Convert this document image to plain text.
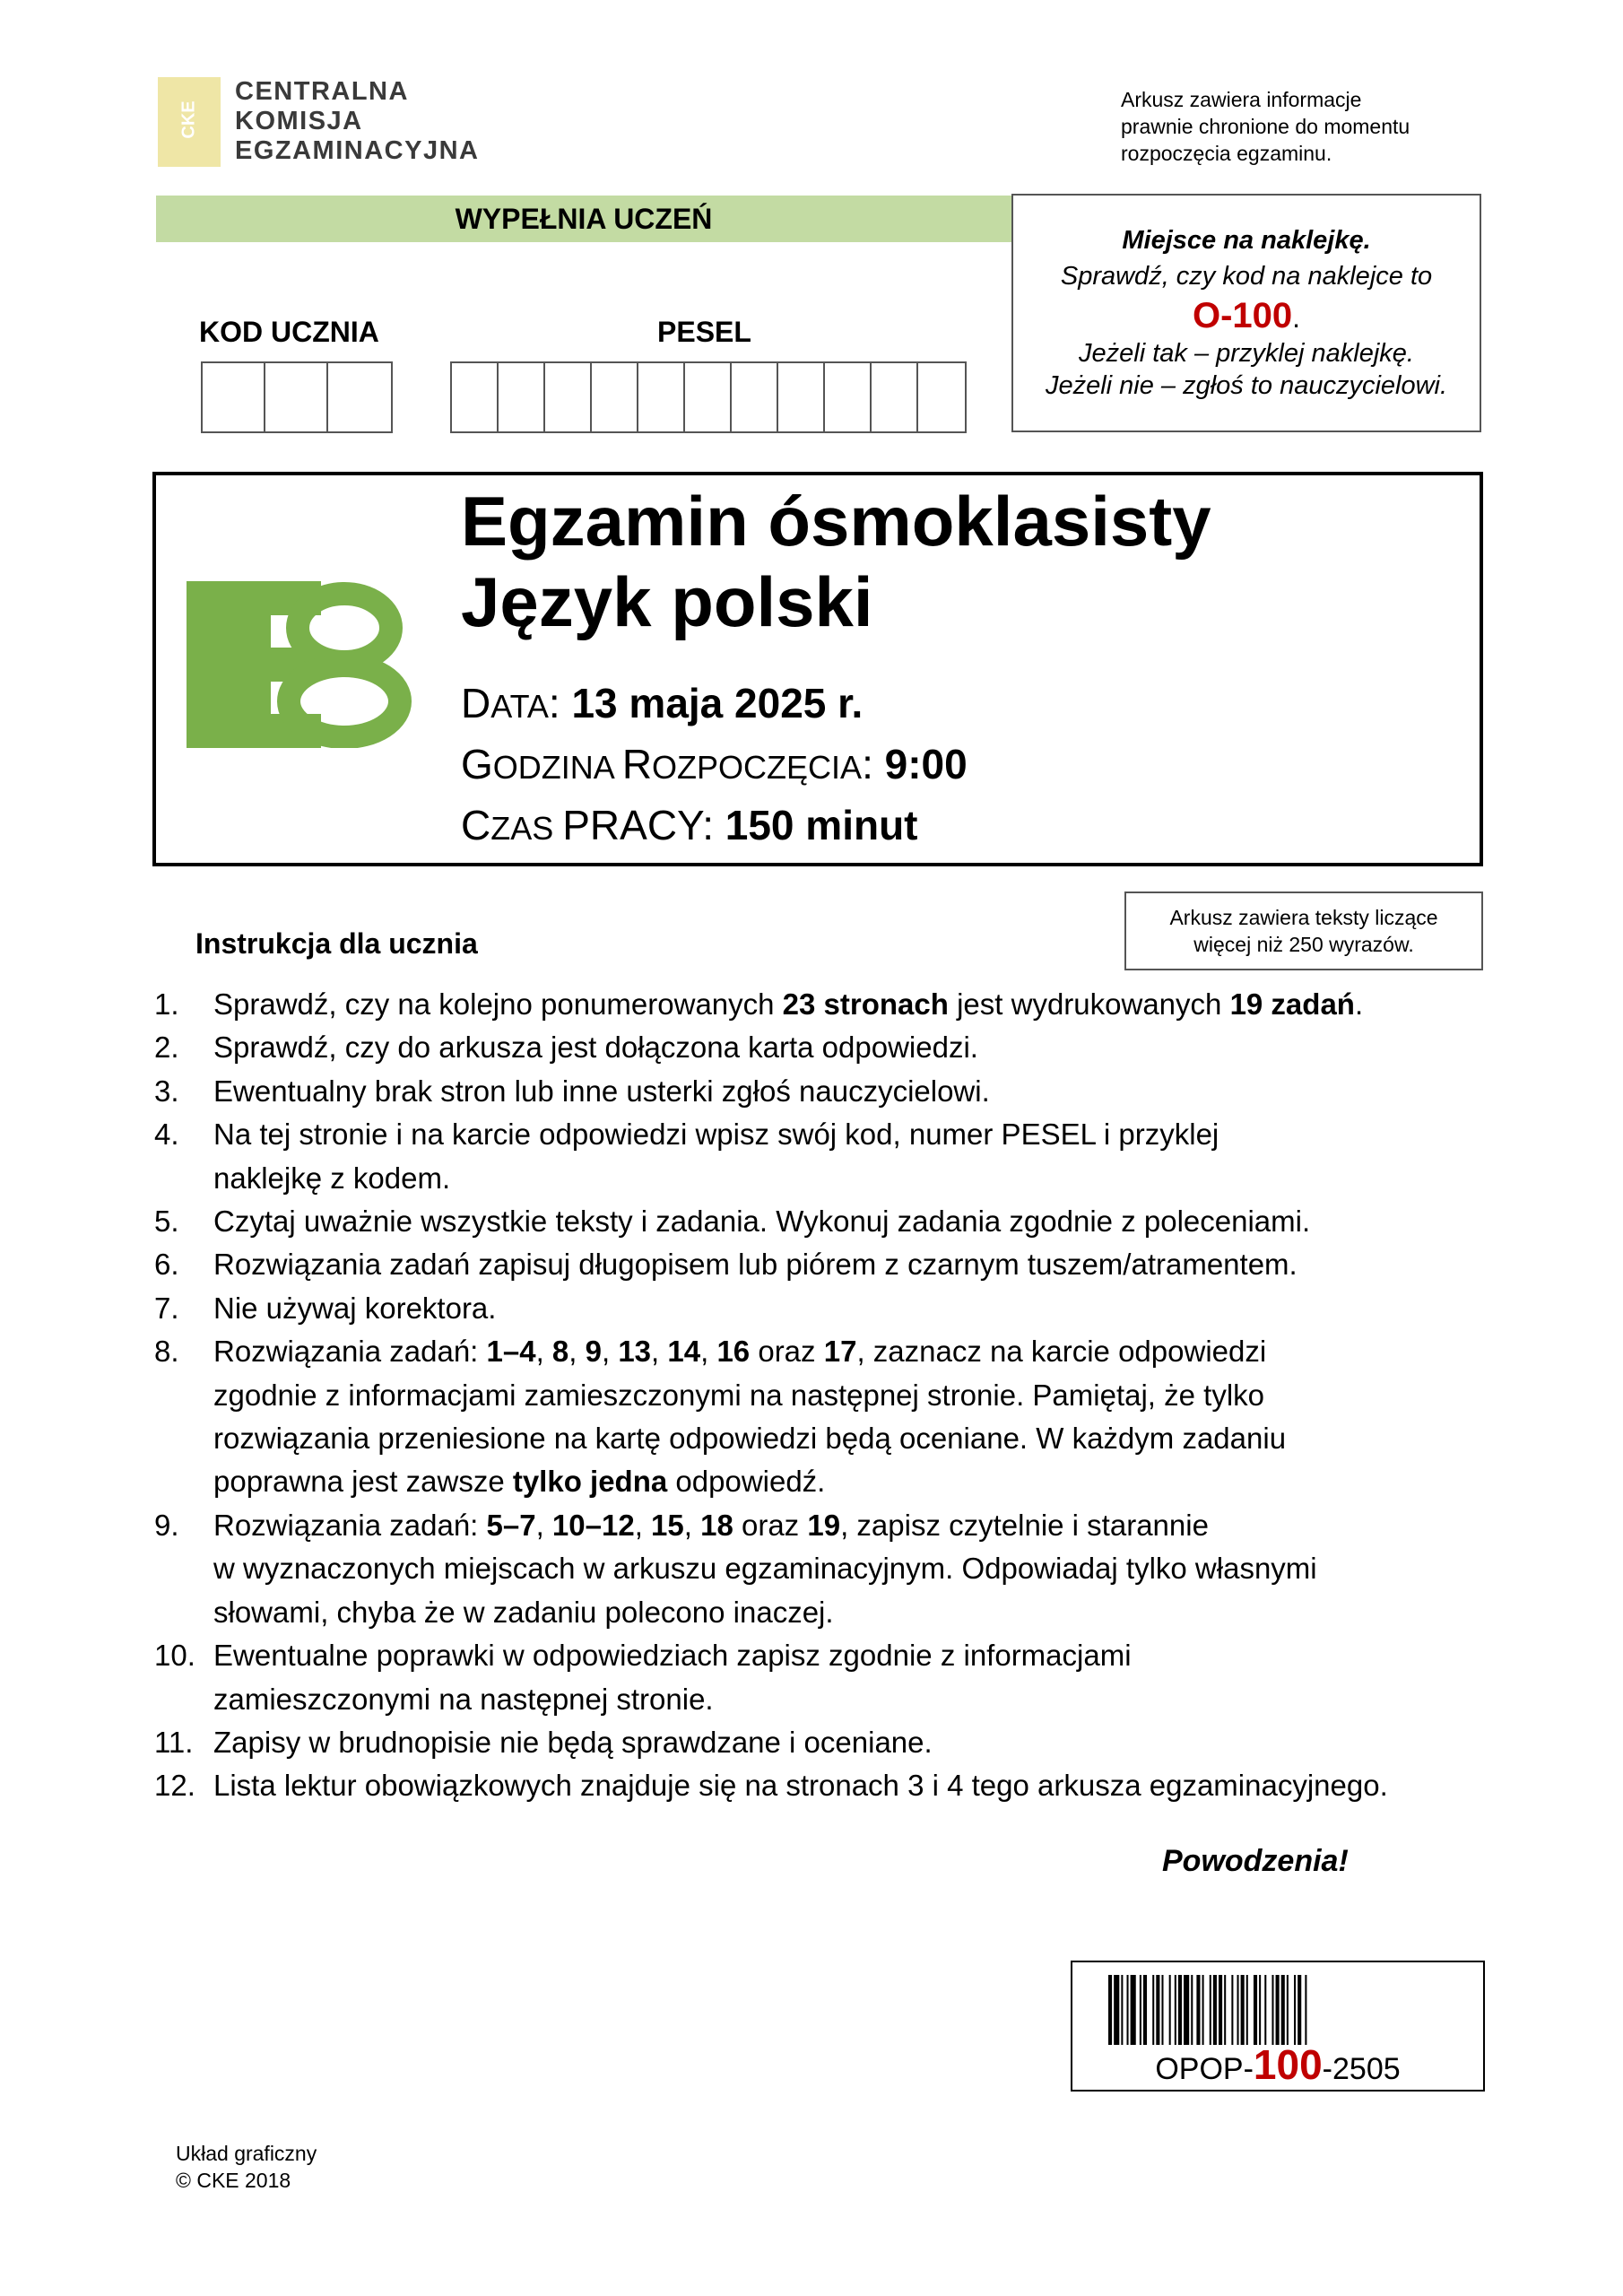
CKE
CENTRALNA
KOMISJA
EGZAMINACYJNA
Arkusz zawiera informacje
prawnie chronione do momentu
rozpoczęcia egzaminu.
WYPEŁNIA UCZEŃ
KOD UCZNIA	PESEL
Miejsce na naklejkę.
Sprawdź, czy kod na naklejce to
O-100.
Jeżeli tak – przyklej naklejkę.
Jeżeli nie – zgłoś to nauczycielowi.
Egzamin ósmoklasisty
Język polski
DATA: 13 maja 2025 r.
GODZINA ROZPOCZĘCIA: 9:00
CZAS PRACY: 150 minut
Arkusz zawiera teksty liczące
więcej niż 250 wyrazów.
Instrukcja dla ucznia
1.	Sprawdź, czy na kolejno ponumerowanych 23 stronach jest wydrukowanych 19 zadań.
2.	Sprawdź, czy do arkusza jest dołączona karta odpowiedzi.
3.	Ewentualny brak stron lub inne usterki zgłoś nauczycielowi.
4.	Na tej stronie i na karcie odpowiedzi wpisz swój kod, numer PESEL i przyklej
naklejkę z kodem.
5.	Czytaj uważnie wszystkie teksty i zadania. Wykonuj zadania zgodnie z poleceniami.
6.	Rozwiązania zadań zapisuj długopisem lub piórem z czarnym tuszem/atramentem.
7.	Nie używaj korektora.
8.	Rozwiązania zadań: 1–4, 8, 9, 13, 14, 16 oraz 17, zaznacz na karcie odpowiedzi
zgodnie z informacjami zamieszczonymi na następnej stronie. Pamiętaj, że tylko
rozwiązania przeniesione na kartę odpowiedzi będą oceniane. W każdym zadaniu
poprawna jest zawsze tylko jedna odpowiedź.
9.	Rozwiązania zadań: 5–7, 10–12, 15, 18 oraz 19, zapisz czytelnie i starannie
w wyznaczonych miejscach w arkuszu egzaminacyjnym. Odpowiadaj tylko własnymi
słowami, chyba że w zadaniu polecono inaczej.
10. Ewentualne poprawki w odpowiedziach zapisz zgodnie z informacjami
zamieszczonymi na następnej stronie.
11. Zapisy w brudnopisie nie będą sprawdzane i oceniane.
12. Lista lektur obowiązkowych znajduje się na stronach 3 i 4 tego arkusza egzaminacyjnego.
Powodzenia!
OPOP-100-2505
Układ graficzny
© CKE 2018
